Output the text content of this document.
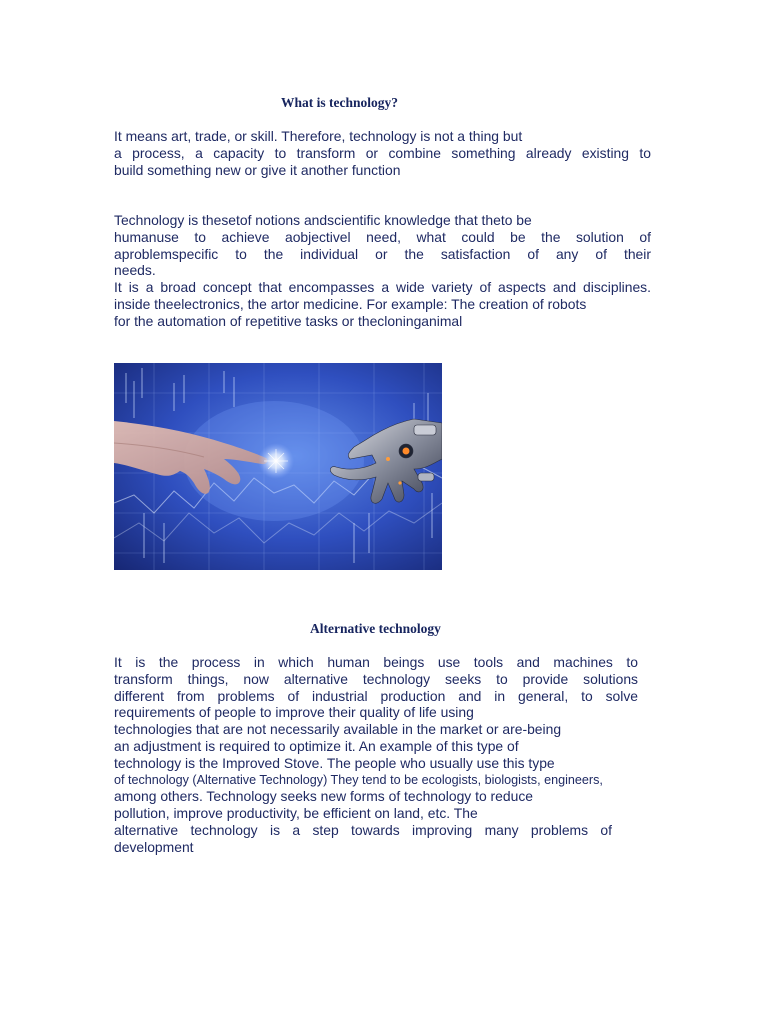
What is technology?
It means art, trade, or skill. Therefore, technology is not a thing but
a process, a capacity to transform or combine something already existing to
build something new or give it another function
Technology is thesetof notions andscientific knowledge that theto be
humanuse to achieve aobjectivel need, what could be the solution of
aproblemspecific to the individual or the satisfaction of any of their
needs.
It is a broad concept that encompasses a wide variety of aspects and disciplines.
inside theelectronics, the artor medicine. For example: The creation of robots
for the automation of repetitive tasks or thecloninganimal
Alternative technology
It is the process in which human beings use tools and machines to
transform things, now alternative technology seeks to provide solutions
different from problems of industrial production and in general, to solve
requirements of people to improve their quality of life using
technologies that are not necessarily available in the market or are-being
an adjustment is required to optimize it. An example of this type of
technology is the Improved Stove. The people who usually use this type
of technology (Alternative Technology) They tend to be ecologists, biologists, engineers,
among others. Technology seeks new forms of technology to reduce
pollution, improve productivity, be efficient on land, etc. The
alternative technology is a step towards improving many problems of
development
